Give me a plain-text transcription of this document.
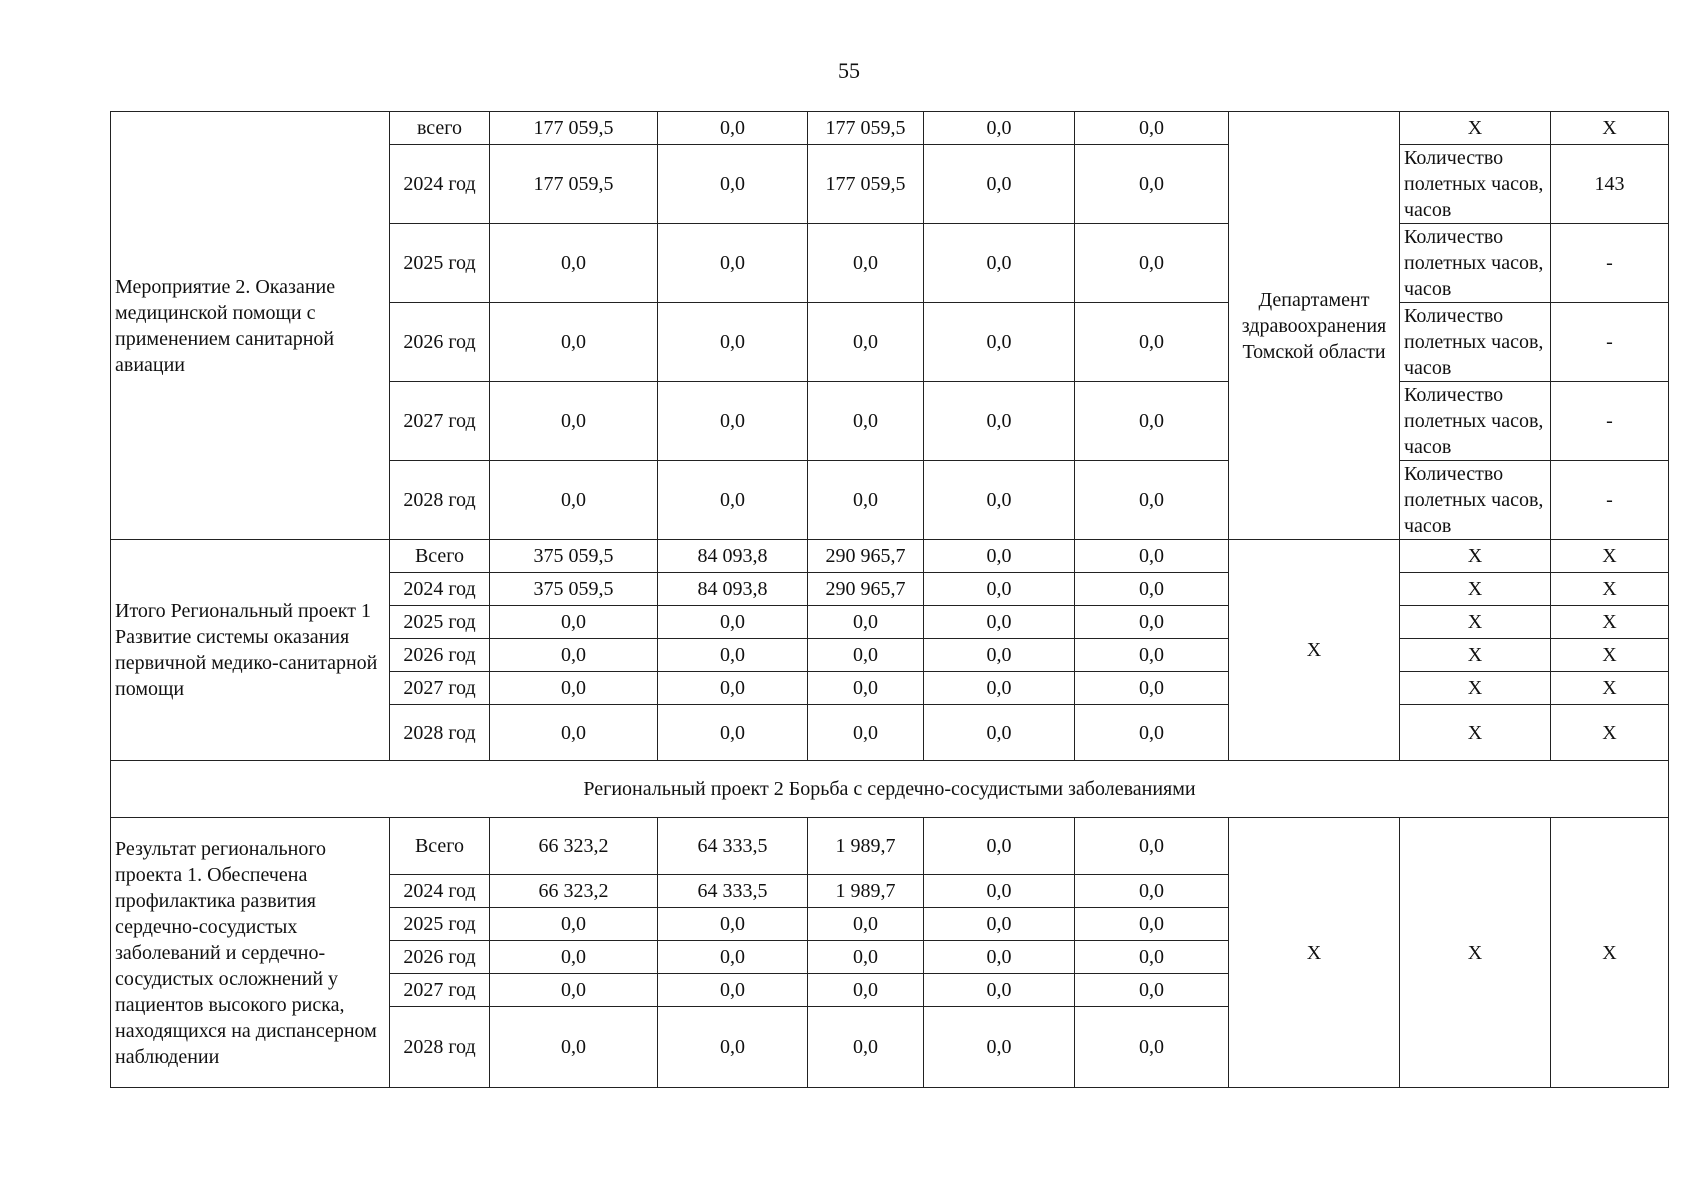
55
Мероприятие 2. Оказание медицинской помощи с применением санитарной авиации	всего	177 059,5	0,0	177 059,5	0,0	0,0	Департамент здравоохранения Томской области	Х	Х
	2024 год	177 059,5	0,0	177 059,5	0,0	0,0		Количество полетных часов, часов	143
	2025 год	0,0	0,0	0,0	0,0	0,0		Количество полетных часов, часов	-
	2026 год	0,0	0,0	0,0	0,0	0,0		Количество полетных часов, часов	-
	2027 год	0,0	0,0	0,0	0,0	0,0		Количество полетных часов, часов	-
	2028 год	0,0	0,0	0,0	0,0	0,0		Количество полетных часов, часов	-
Итого Региональный проект 1 Развитие системы оказания первичной медико-санитарной помощи	Всего	375 059,5	84 093,8	290 965,7	0,0	0,0	Х	Х	Х
	2024 год	375 059,5	84 093,8	290 965,7	0,0	0,0		Х	Х
	2025 год	0,0	0,0	0,0	0,0	0,0		Х	Х
	2026 год	0,0	0,0	0,0	0,0	0,0		Х	Х
	2027 год	0,0	0,0	0,0	0,0	0,0		Х	Х
	2028 год	0,0	0,0	0,0	0,0	0,0		Х	Х
Региональный проект 2 Борьба с сердечно-сосудистыми заболеваниями									
Результат регионального проекта 1. Обеспечена профилактика развития сердечно-сосудистых заболеваний и сердечно-сосудистых осложнений у пациентов высокого риска, находящихся на диспансерном наблюдении	Всего	66 323,2	64 333,5	1 989,7	0,0	0,0	Х	Х	Х
	2024 год	66 323,2	64 333,5	1 989,7	0,0	0,0			
	2025 год	0,0	0,0	0,0	0,0	0,0			
	2026 год	0,0	0,0	0,0	0,0	0,0			
	2027 год	0,0	0,0	0,0	0,0	0,0			
	2028 год	0,0	0,0	0,0	0,0	0,0			
